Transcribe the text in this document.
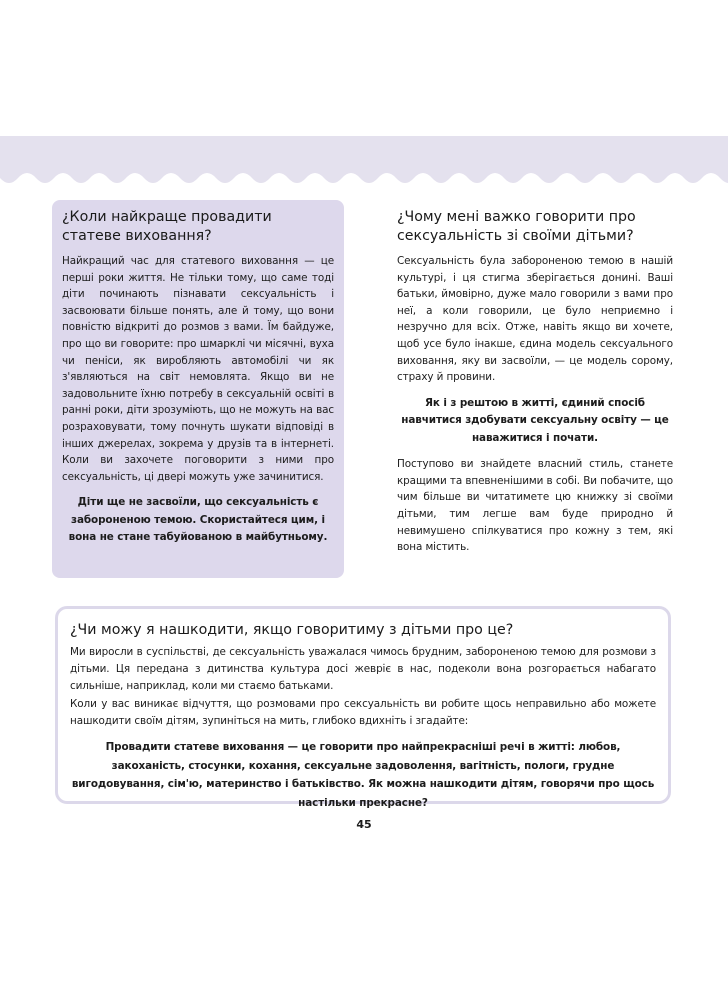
¿Коли найкраще провадити статеве виховання?

Найкращий час для статевого виховання — це перші роки життя. Не тільки тому, що саме тоді діти починають пізнавати сексуальність і засвоювати більше понять, але й тому, що вони повністю відкриті до розмов з вами. Їм байдуже, про що ви говорите: про шмарклі чи місячні, вуха чи пеніси, як виробляють автомобілі чи як з'являються на світ немовлята. Якщо ви не задовольните їхню потребу в сексуальній освіті в ранні роки, діти зрозуміють, що не можуть на вас розраховувати, тому почнуть шукати відповіді в інших джерелах, зокрема у друзів та в інтернеті. Коли ви захочете поговорити з ними про сексуальність, ці двері можуть уже зачинитися.

Діти ще не засвоїли, що сексуальність є забороненою темою. Скористайтеся цим, і вона не стане табуйованою в майбутньому.

¿Чому мені важко говорити про сексуальність зі своїми дітьми?

Сексуальність була забороненою темою в нашій культурі, і ця стигма зберігається донині. Ваші батьки, ймовірно, дуже мало говорили з вами про неї, а коли говорили, це було неприємно і незручно для всіх. Отже, навіть якщо ви хочете, щоб усе було інакше, єдина модель сексуального виховання, яку ви засвоїли, — це модель сорому, страху й провини.

Як і з рештою в житті, єдиний спосіб навчитися здобувати сексуальну освіту — це наважитися і почати.

Поступово ви знайдете власний стиль, станете кращими та впевненішими в собі. Ви побачите, що чим більше ви читатимете цю книжку зі своїми дітьми, тим легше вам буде природно й невимушено спілкуватися про кожну з тем, які вона містить.

¿Чи можу я нашкодити, якщо говоритиму з дітьми про це?

Ми виросли в суспільстві, де сексуальність уважалася чимось брудним, забороненою темою для розмови з дітьми. Ця передана з дитинства культура досі жевріє в нас, подеколи вона розгорається набагато сильніше, наприклад, коли ми стаємо батьками.

Коли у вас виникає відчуття, що розмовами про сексуальність ви робите щось неправильно або можете нашкодити своїм дітям, зупиніться на мить, глибоко вдихніть і згадайте:

Провадити статеве виховання — це говорити про найпрекрасніші речі в житті: любов, закоханість, стосунки, кохання, сексуальне задоволення, вагітність, пологи, грудне вигодовування, сім'ю, материнство і батьківство. Як можна нашкодити дітям, говорячи про щось настільки прекрасне?

45
